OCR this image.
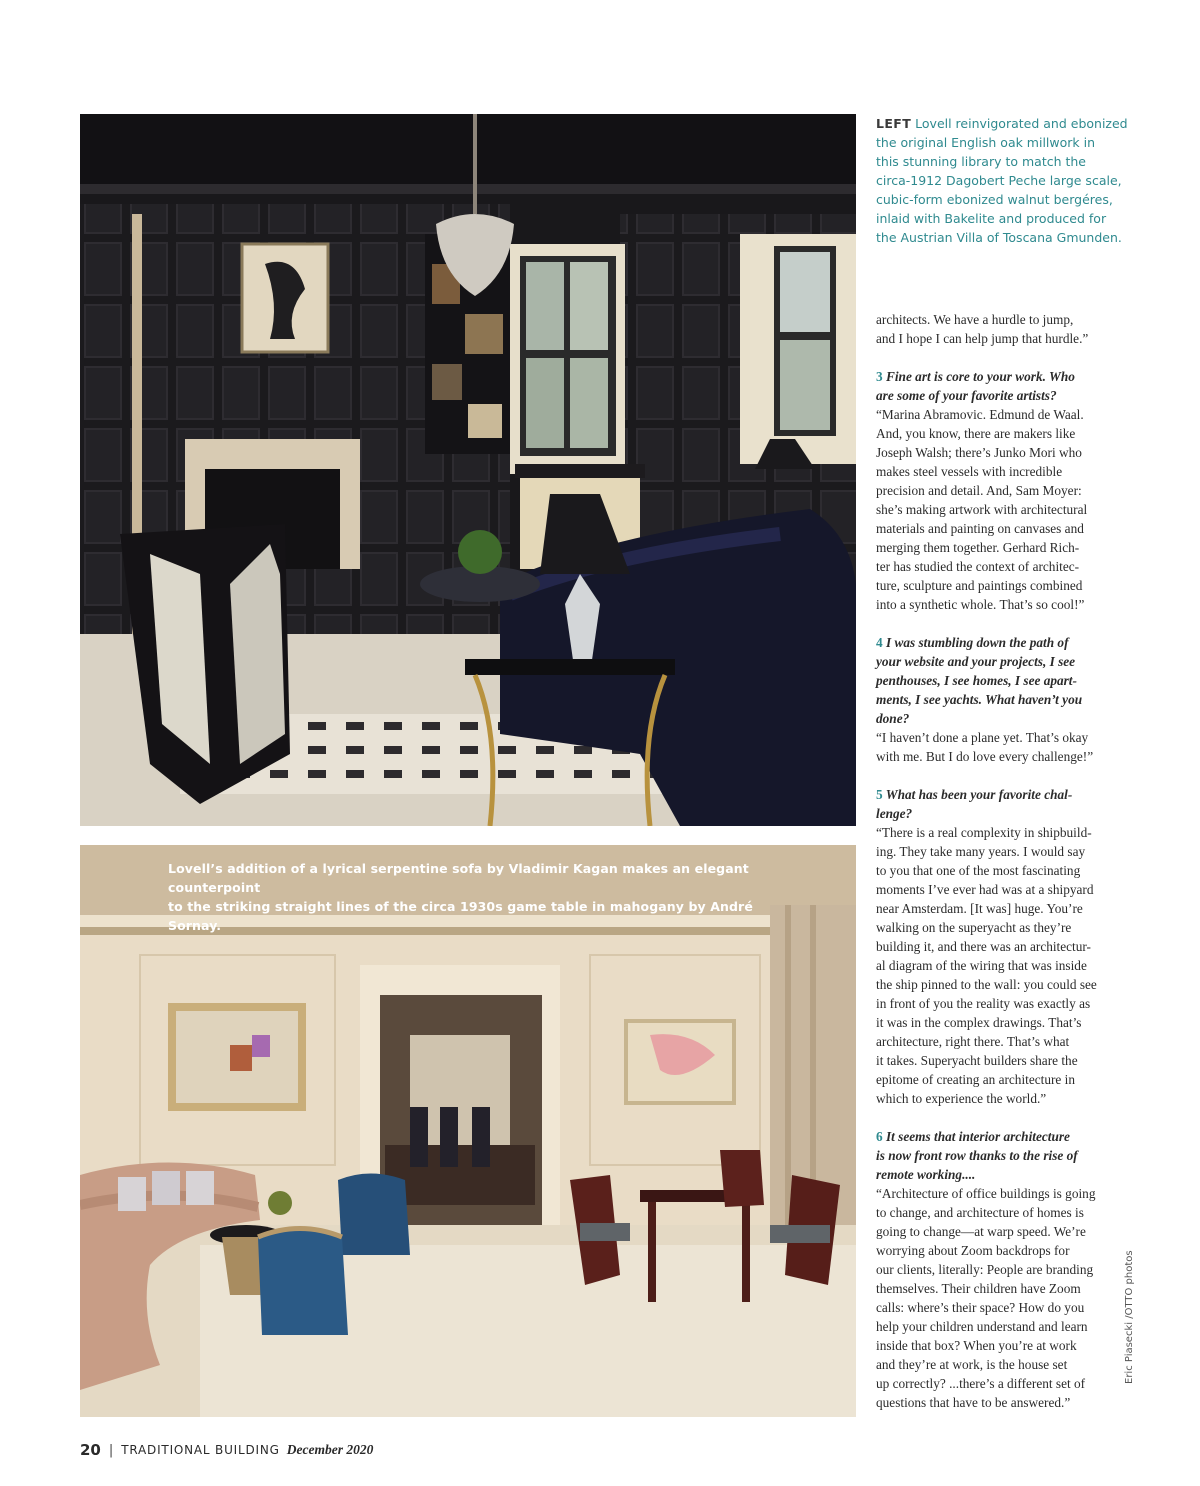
LEFT Lovell reinvigorated and ebonized

the original English oak millwork in

this stunning library to match the

circa-1912 Dagobert Peche large scale,

cubic-form ebonized walnut bergéres,

inlaid with Bakelite and produced for

the Austrian Villa of Toscana Gmunden.

architects. We have a hurdle to jump,

and I hope I can help jump that hurdle.”

3 Fine art is core to your work. Who

are some of your favorite artists?

“Marina Abramovic. Edmund de Waal.

And, you know, there are makers like

Joseph Walsh; there’s Junko Mori who

makes steel vessels with incredible

precision and detail. And, Sam Moyer:

she’s making artwork with architectural

materials and painting on canvases and

merging them together. Gerhard Rich-

ter has studied the context of architec-

ture, sculpture and paintings combined

into a synthetic whole. That’s so cool!”

4 I was stumbling down the path of

your website and your projects, I see

penthouses, I see homes, I see apart-

ments, I see yachts. What haven’t you

done?

“I haven’t done a plane yet. That’s okay

with me. But I do love every challenge!”

5 What has been your favorite chal-

lenge?

“There is a real complexity in shipbuild-

ing. They take many years. I would say

to you that one of the most fascinating

moments I’ve ever had was at a shipyard

near Amsterdam. [It was] huge. You’re

walking on the superyacht as they’re

building it, and there was an architectur-

al diagram of the wiring that was inside

the ship pinned to the wall: you could see

in front of you the reality was exactly as

it was in the complex drawings. That’s

architecture, right there. That’s what

it takes. Superyacht builders share the

epitome of creating an architecture in

which to experience the world.”

6 It seems that interior architecture

is now front row thanks to the rise of

remote working....

“Architecture of office buildings is going

to change, and architecture of homes is

going to change—at warp speed. We’re

worrying about Zoom backdrops for

our clients, literally: People are branding

themselves. Their children have Zoom

calls: where’s their space? How do you

help your children understand and learn

inside that box? When you’re at work

and they’re at work, is the house set

up correctly? ...there’s a different set of

questions that have to be answered.”

Lovell’s addition of a lyrical serpentine sofa by Vladimir Kagan makes an elegant counterpoint

to the striking straight lines of the circa 1930s game table in mahogany by André Sornay.

Eric Piasecki /OTTO photos
20 | TRADITIONAL BUILDING December 2020
